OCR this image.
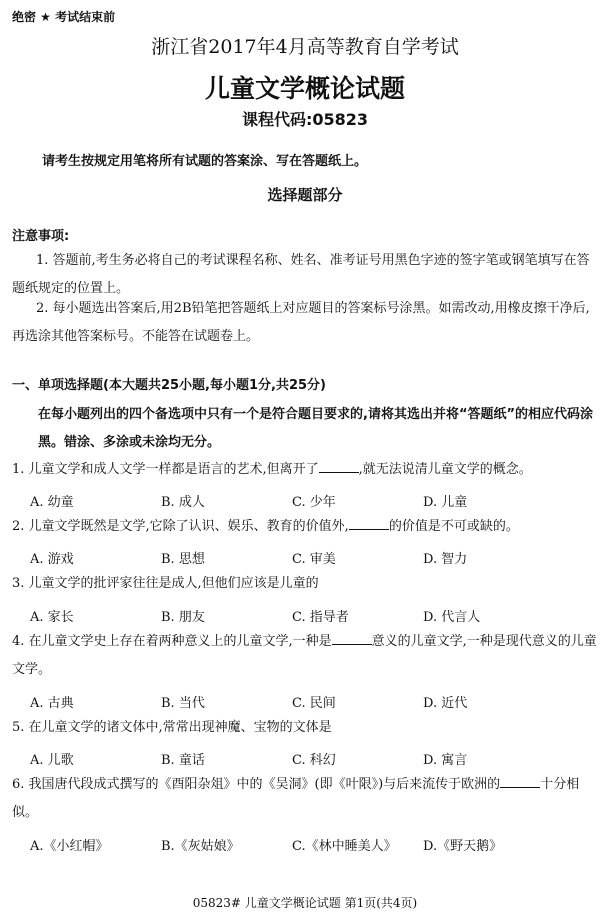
绝密 ★ 考试结束前
浙江省2017年4月高等教育自学考试
儿童文学概论试题
课程代码:05823
请考生按规定用笔将所有试题的答案涂、写在答题纸上。
选择题部分
注意事项:
1. 答题前,考生务必将自己的考试课程名称、姓名、准考证号用黑色字迹的签字笔或钢笔填写在答题纸规定的位置上。
2. 每小题选出答案后,用2B铅笔把答题纸上对应题目的答案标号涂黑。如需改动,用橡皮擦干净后,再选涂其他答案标号。不能答在试题卷上。
一、单项选择题(本大题共25小题,每小题1分,共25分)
在每小题列出的四个备选项中只有一个是符合题目要求的,请将其选出并将“答题纸”的相应代码涂黑。错涂、多涂或未涂均无分。
1. 儿童文学和成人文学一样都是语言的艺术,但离开了	,就无法说清儿童文学的概念。
A. 幼童	B. 成人	C. 少年	D. 儿童
2. 儿童文学既然是文学,它除了认识、娱乐、教育的价值外,	的价值是不可或缺的。
A. 游戏	B. 思想	C. 审美	D. 智力
3. 儿童文学的批评家往往是成人,但他们应该是儿童的
A. 家长	B. 朋友	C. 指导者	D. 代言人
4. 在儿童文学史上存在着两种意义上的儿童文学,一种是	意义的儿童文学,一种是现代意义的儿童文学。
A. 古典	B. 当代	C. 民间	D. 近代
5. 在儿童文学的诸文体中,常常出现神魔、宝物的文体是
A. 儿歌	B. 童话	C. 科幻	D. 寓言
6. 我国唐代段成式撰写的《酉阳杂俎》中的《吴洞》(即《叶限》)与后来流传于欧洲的	十分相似。
A.《小红帽》	B.《灰姑娘》	C.《林中睡美人》	D.《野天鹅》
05823# 儿童文学概论试题 第1页(共4页)
